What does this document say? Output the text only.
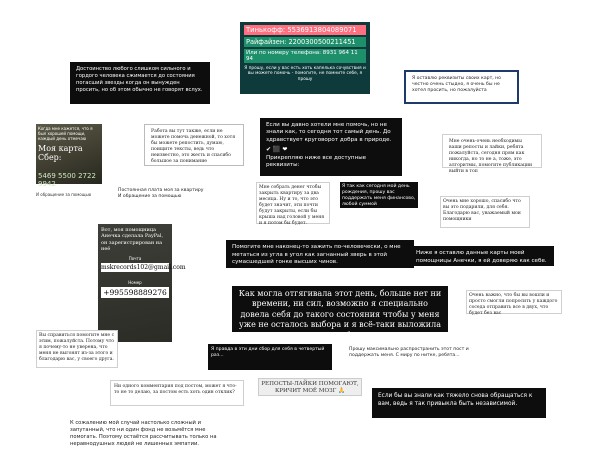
Тинькофф: 5536913804089071
Райфайзен: 2200300500211451
Или по номеру телефона: 8931 964 11 94
Я прошу, если у вас есть хоть капелька сочувствия и вы можете помочь - помогите, не помните себе, я прошу
Достоинство любого слишком сильного и гордого человека сжимается до состояния погасший звезды когда он вынужден просить, но об этом обычно не говорят вслух.
Я оставлю реквизиты своих карт, но честно очень стыдно, я очень бы не хотел просить, но пожалуйста
Когда мне кажется, что я был хорошей помощи, каждый день отмечаю
Моя карта Сбер:
5469 5500 2722 9942
Работа вы тут также, если не можете помочь денежной, то хотя бы можете репостить, думаю, поищите тексты, ведь что неизвестно, это жесть и спасибо большое за понимание
Если вы давно хотели мне помочь, но не знали как, то сегодня тот самый день. До здравствует круговорот добра в природе.
✔ ⬛ ❤
Прикрепляю ниже все доступные реквизиты:
Мне очень-очень необходимы ваши репосты и лайки, ребята пожалуйста, сегодня прям как никогда, но то не а, тоже, это алгоритмы, помогите публикации выйти в топ
Постоянная плата моя за квартиру
И обращение за помощью
Мне собрать денег чтобы закрыть квартиру за два месяца. Ну и то, что это будет значит, эти почти будут закрыты, если бы крыша над головой у меня и я потом бы будет.
Я так как сегодня мой день рождения, прошу вас поддержать меня финансово, любой суммой
Очень мне хорошо, спасибо что вы это подарили, для себя. Благодарю вас, уважаемый мои помощники
И обращение за помощью
Вот, моя помощница Анечка сделала PayPal, он зарегистрирован на неё
Почта
mskrecords102@gmail.com
Номер
+995598889276
Помогите мне наконец-то зажить по-человечески, о мне метаться из угла в угол как загнанный зверь в этой сумасшедшей гонке высших чинов.
Ниже я оставлю данные карты моей помощницы Анечки, я ей доверяю как себе.
Как могла отгягивала этот день, больше нет ни времени, ни сил, возможно я специально довела себя до такого состояния чтобы у меня уже не осталось выбора и я всё-таки выложила свой сбор
Очень важно, что бы вы вошли и просто смогли попросить у каждого соседа отправить все в двух, что будет без вас
Вы справиться помогите мне с этим, пожалуйста. Потому что я почему-то не уверена, что меня не выгонят из-за этого и благодарю вас, у своего друга.
Я правда в эти дни сбор для себя в четвертый раз...
Прошу максимально распространить этот пост и поддержать меня. С миру по нитке, ребята...
Ни одного комментария под постом, может я что-то не то делаю, за постом есть хоть один отклик?
РЕПОСТЫ-ЛАЙКИ ПОМОГАЮТ, КРИЧИТ МОЁ МОЗГ 🙏
Если бы вы знали как тяжело снова обращаться к вам, ведь я так привыкла быть независимой.
К сожалению мой случай настолько сложный и запутанный, что ни один фонд не возьмётся мне помогать. Поэтому остаётся рассчитывать только на неравнодушных людей не лишенных эмпатии.
